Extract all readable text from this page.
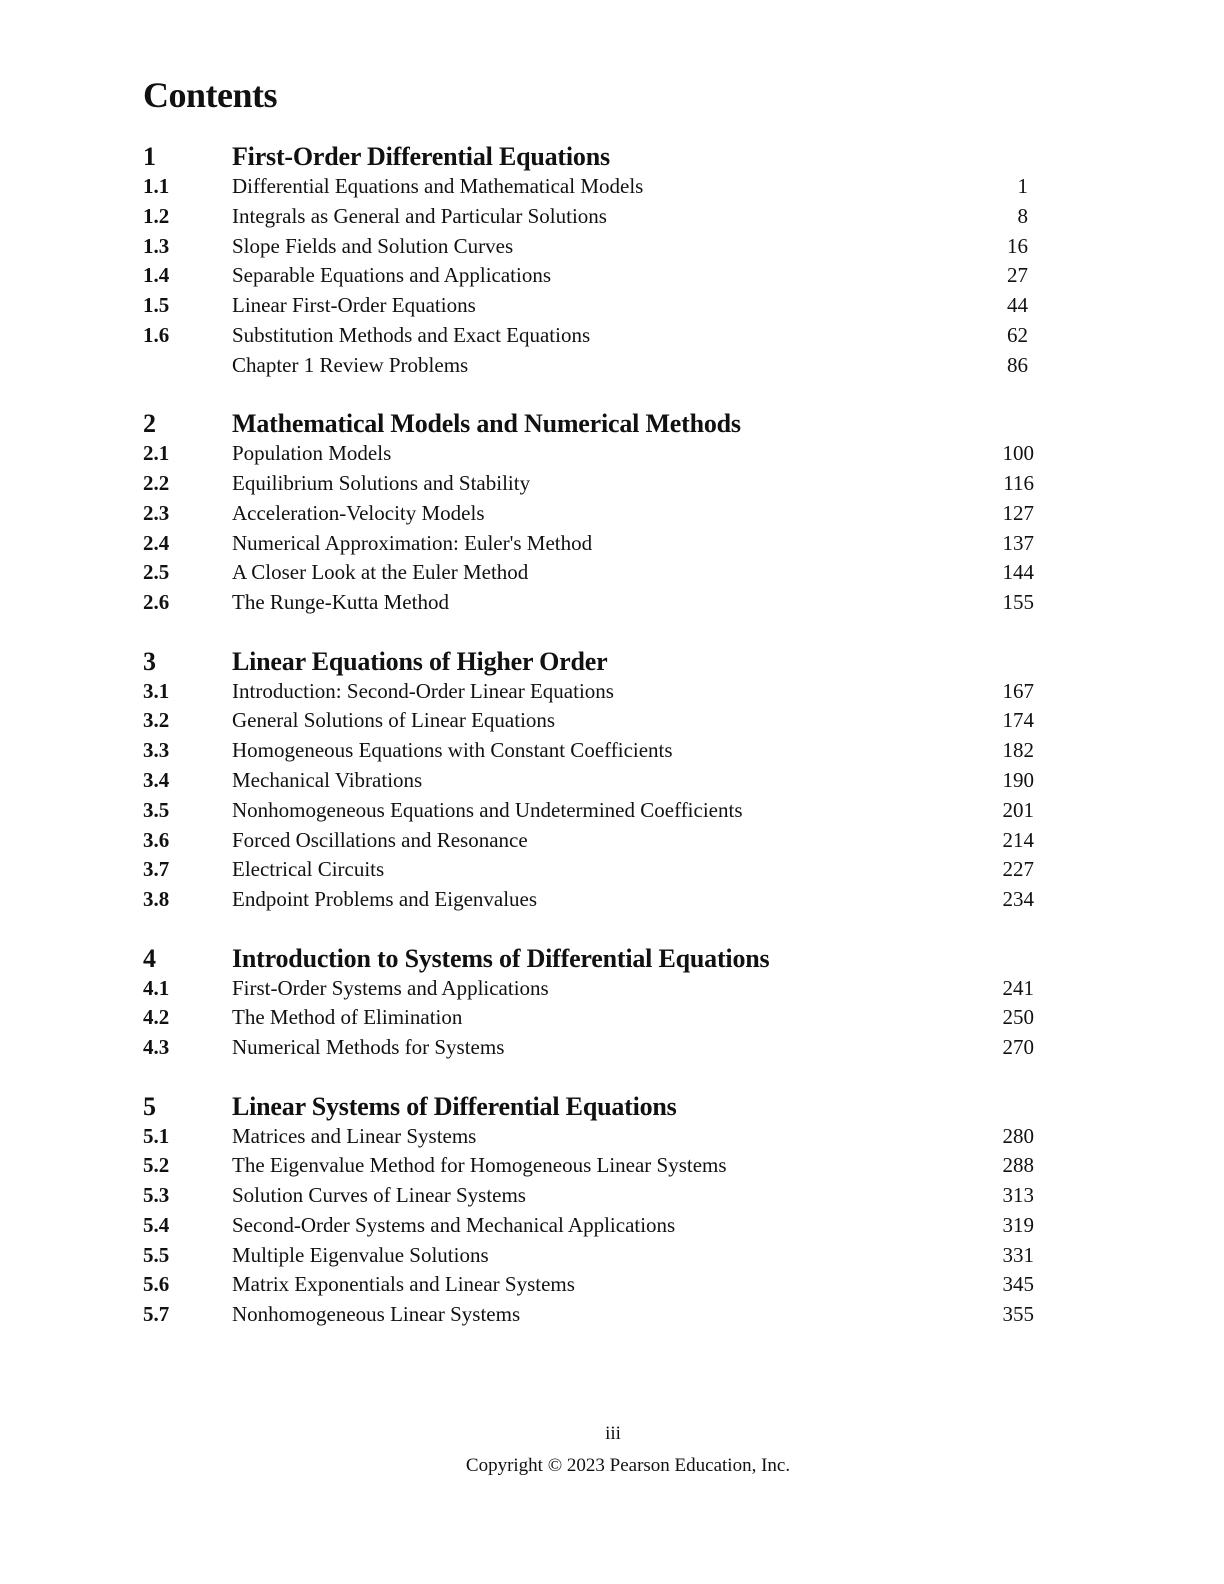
Contents
1	First-Order Differential Equations
1.1	Differential Equations and Mathematical Models	1
1.2	Integrals as General and Particular Solutions	8
1.3	Slope Fields and Solution Curves	16
1.4	Separable Equations and Applications	27
1.5	Linear First-Order Equations	44
1.6	Substitution Methods and Exact Equations	62
Chapter 1 Review Problems	86
2	Mathematical Models and Numerical Methods
2.1	Population Models	100
2.2	Equilibrium Solutions and Stability	116
2.3	Acceleration-Velocity Models	127
2.4	Numerical Approximation: Euler's Method	137
2.5	A Closer Look at the Euler Method	144
2.6	The Runge-Kutta Method	155
3	Linear Equations of Higher Order
3.1	Introduction: Second-Order Linear Equations	167
3.2	General Solutions of Linear Equations	174
3.3	Homogeneous Equations with Constant Coefficients	182
3.4	Mechanical Vibrations	190
3.5	Nonhomogeneous Equations and Undetermined Coefficients	201
3.6	Forced Oscillations and Resonance	214
3.7	Electrical Circuits	227
3.8	Endpoint Problems and Eigenvalues	234
4	Introduction to Systems of Differential Equations
4.1	First-Order Systems and Applications	241
4.2	The Method of Elimination	250
4.3	Numerical Methods for Systems	270
5	Linear Systems of Differential Equations
5.1	Matrices and Linear Systems	280
5.2	The Eigenvalue Method for Homogeneous Linear Systems	288
5.3	Solution Curves of Linear Systems	313
5.4	Second-Order Systems and Mechanical Applications	319
5.5	Multiple Eigenvalue Solutions	331
5.6	Matrix Exponentials and Linear Systems	345
5.7	Nonhomogeneous Linear Systems	355
iii
Copyright © 2023 Pearson Education, Inc.
